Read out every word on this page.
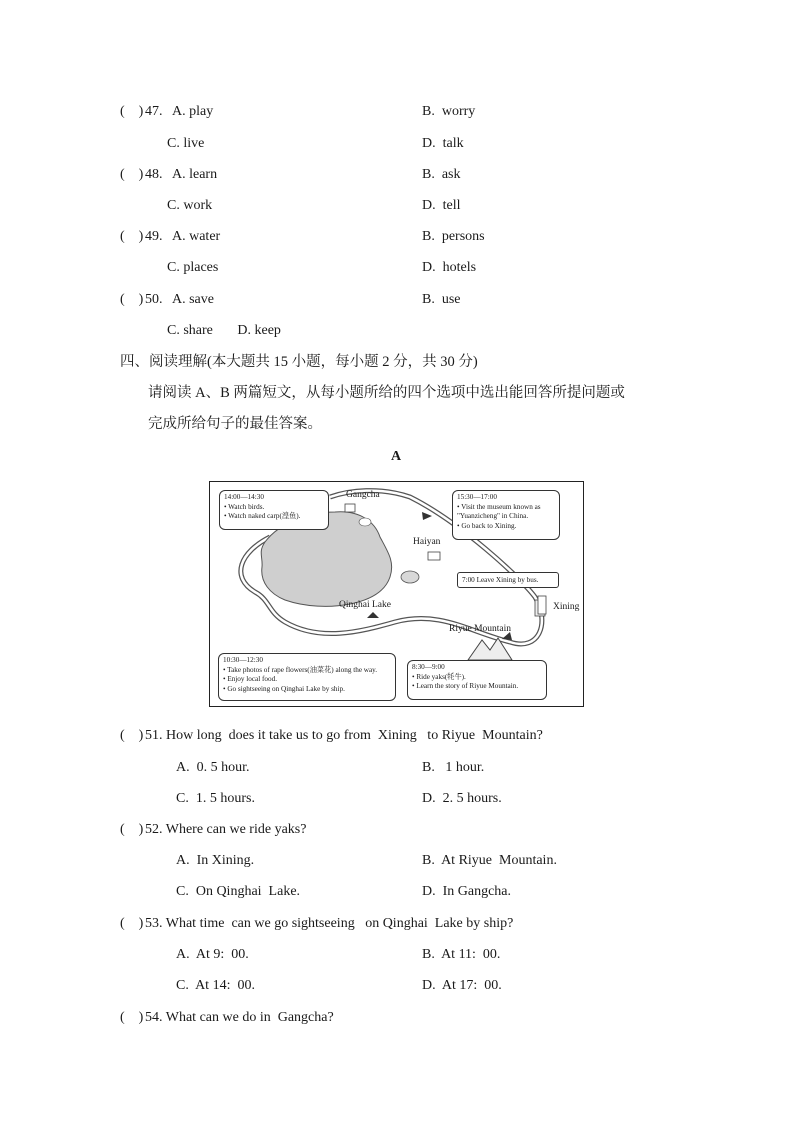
(    ) 47. A. play	B.  worry
C. live	D.  talk
(    ) 48. A. learn	B.  ask
C. work	D.  tell
(    ) 49. A. water	B.  persons
C. places	D.  hotels
(    ) 50. A. save	B.  use
C. share       D. keep
四、阅读理解(本大题共 15 小题，每小题 2 分，共 30 分)
请阅读 A、B 两篇短文，从每小题所给的四个选项中选出能回答所提问题或
完成所给句子的最佳答案。
A
Gangcha
Haiyan
Qinghai Lake
Riyue Mountain
Xining
14:00—14:30
• Watch birds.
• Watch naked carp(湟鱼).
15:30—17:00
• Visit the museum known as
"Yuanzicheng" in China.
• Go back to Xining.
7:00 Leave Xining by bus.
10:30—12:30
• Take photos of rape flowers(油菜花) along the way.
• Enjoy local food.
• Go sightseeing on Qinghai Lake by ship.
8:30—9:00
• Ride yaks(牦牛).
• Learn the story of Riyue Mountain.
(    ) 51. How long  does it take us to go from  Xining   to Riyue  Mountain?
A.  0. 5 hour.	B.   1 hour.
C.  1. 5 hours.	D.  2. 5 hours.
(    ) 52. Where can we ride yaks?
A.  In Xining.	B.  At Riyue  Mountain.
C.  On Qinghai  Lake.	D.  In Gangcha.
(    ) 53. What time  can we go sightseeing   on Qinghai  Lake by ship?
A.  At 9:  00.	B.  At 11:  00.
C.  At 14:  00.	D.  At 17:  00.
(    ) 54. What can we do in  Gangcha?
